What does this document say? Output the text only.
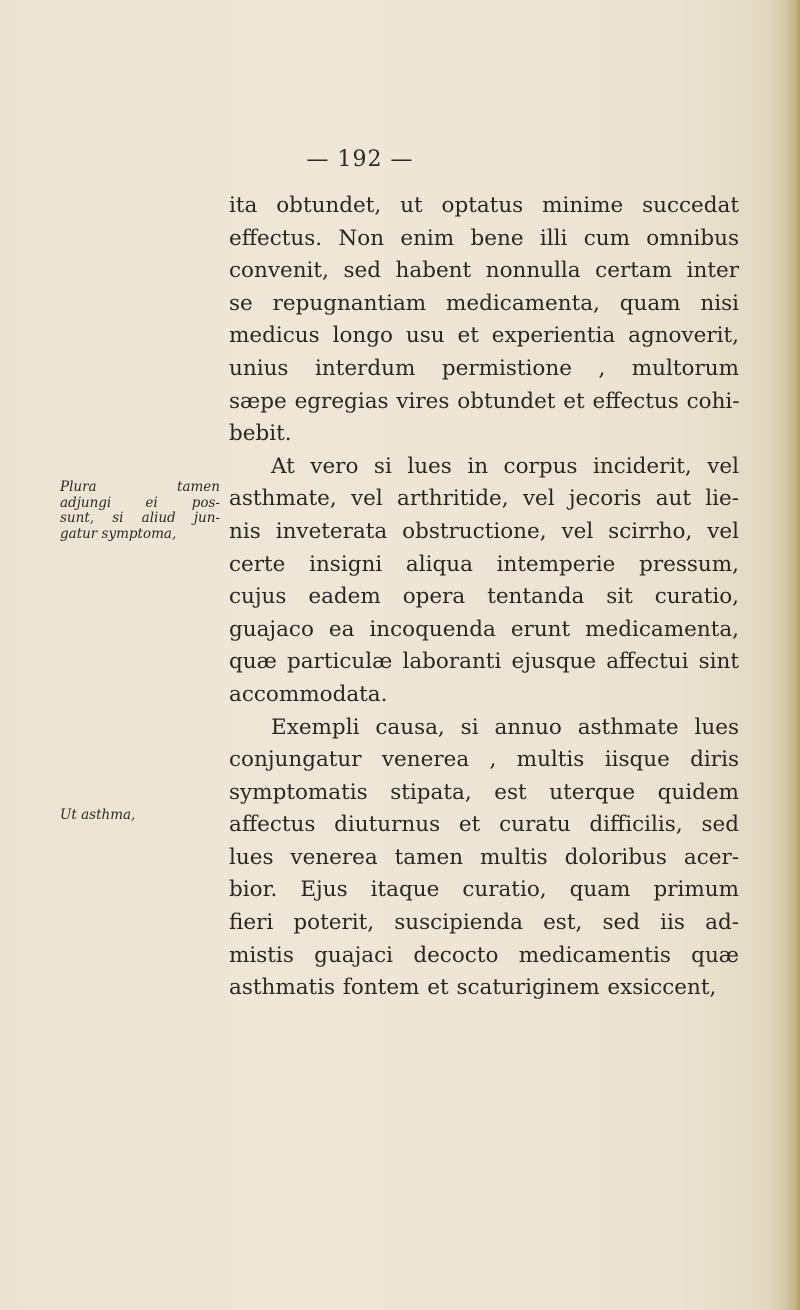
— 192 —

ita obtundet, ut optatus minime succedat
effectus. Non enim bene illi cum omnibus
convenit, sed habent nonnulla certam inter
se repugnantiam medicamenta, quam nisi
medicus longo usu et experientia agnoverit,
unius interdum permistione , multorum
sæpe egregias vires obtundet et effectus cohi-
bebit.
At vero si lues in corpus inciderit, vel
asthmate, vel arthritide, vel jecoris aut lie-
nis inveterata obstructione, vel scirrho, vel
certe insigni aliqua intemperie pressum,
cujus eadem opera tentanda sit curatio,
guajaco ea incoquenda erunt medicamenta,
quæ particulæ laboranti ejusque affectui sint
accommodata.
Exempli causa, si annuo asthmate lues
conjungatur venerea , multis iisque diris
symptomatis stipata, est uterque quidem
affectus diuturnus et curatu difficilis, sed
lues venerea tamen multis doloribus acer-
bior. Ejus itaque curatio, quam primum
fieri poterit, suscipienda est, sed iis ad-
mistis guajaci decocto medicamentis quæ
asthmatis fontem et scaturiginem exsiccent,

Plura tamen
adjungi ei pos-
sunt, si aliud jun-
gatur symptoma,
Ut asthma,
